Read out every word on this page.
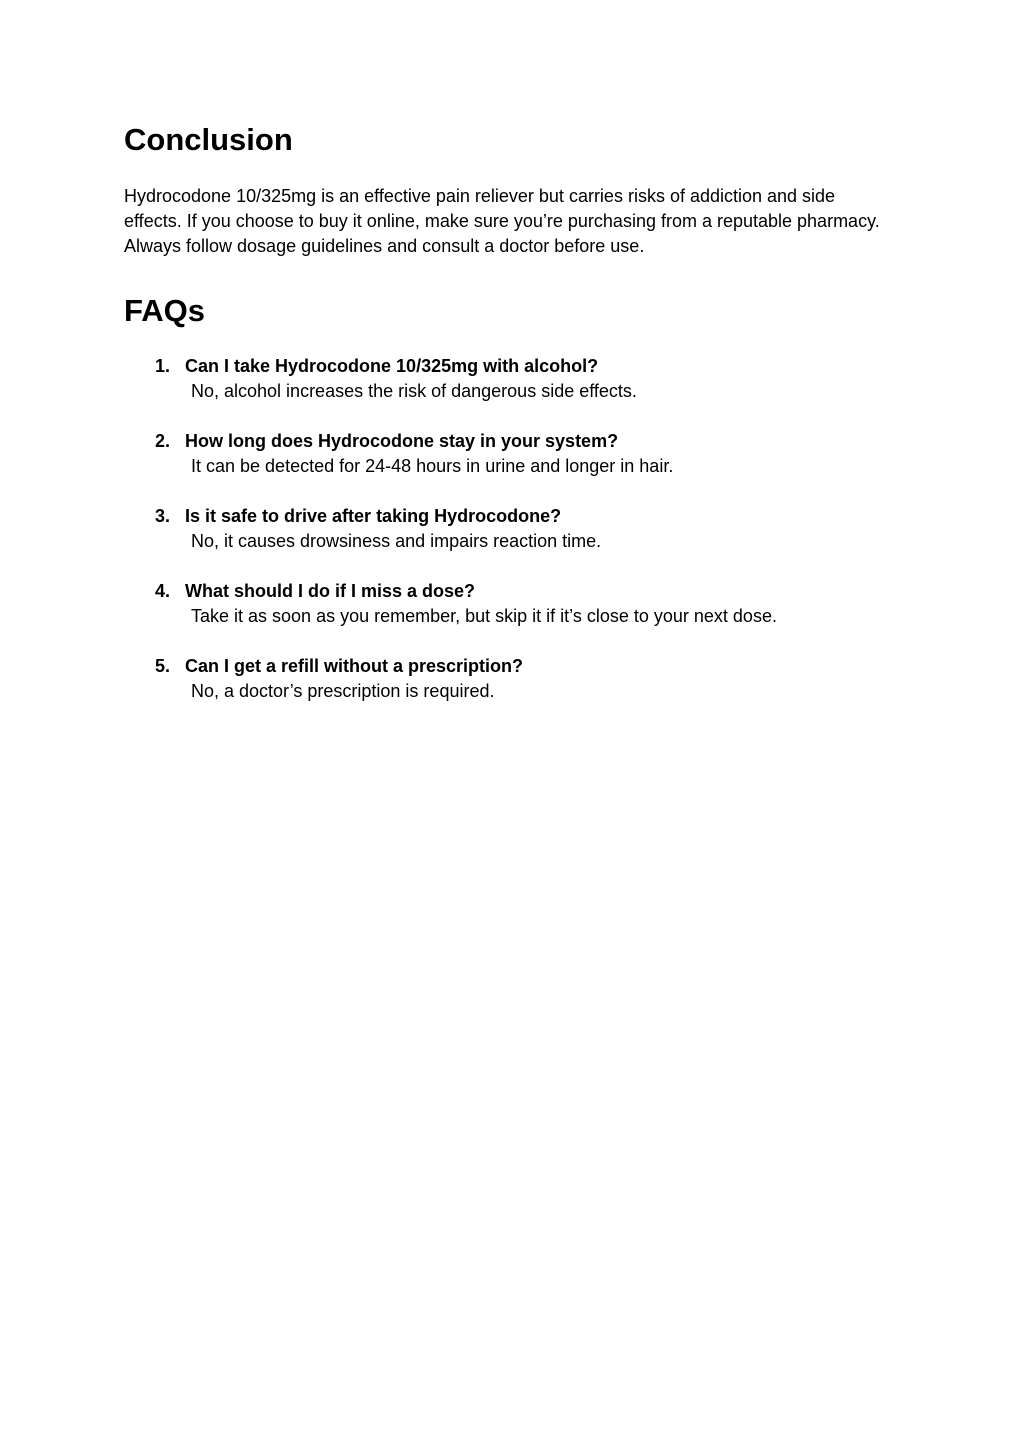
Conclusion

Hydrocodone 10/325mg is an effective pain reliever but carries risks of addiction and side effects. If you choose to buy it online, make sure you’re purchasing from a reputable pharmacy. Always follow dosage guidelines and consult a doctor before use.

FAQs
1. Can I take Hydrocodone 10/325mg with alcohol?
No, alcohol increases the risk of dangerous side effects.
2. How long does Hydrocodone stay in your system?
It can be detected for 24-48 hours in urine and longer in hair.
3. Is it safe to drive after taking Hydrocodone?
No, it causes drowsiness and impairs reaction time.
4. What should I do if I miss a dose?
Take it as soon as you remember, but skip it if it’s close to your next dose.
5. Can I get a refill without a prescription?
No, a doctor’s prescription is required.
